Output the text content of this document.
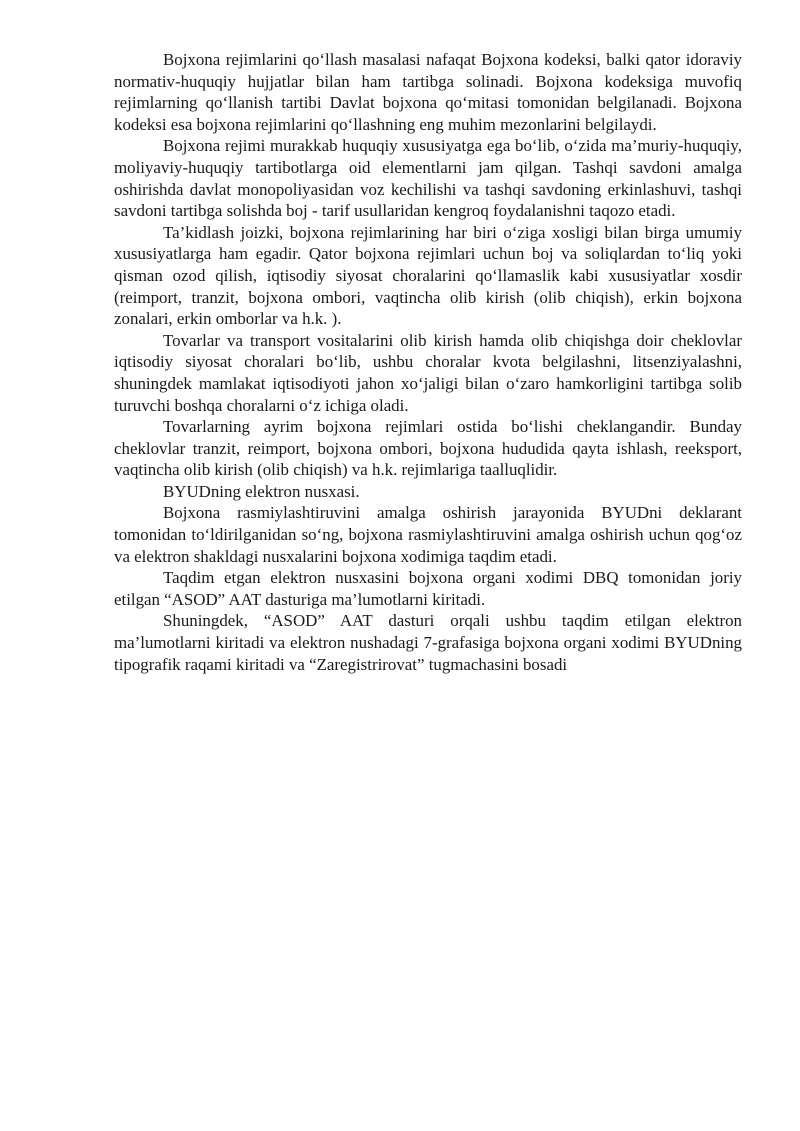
Bojxona rejimlarini qo‘llash masalasi nafaqat Bojxona kodeksi, balki qator idoraviy normativ-huquqiy hujjatlar bilan ham tartibga solinadi. Bojxona kodeksiga muvofiq rejimlarning qo‘llanish tartibi Davlat bojxona qo‘mitasi tomonidan belgilanadi. Bojxona kodeksi esa bojxona rejimlarini qo‘llashning eng muhim mezonlarini belgilaydi.

Bojxona rejimi murakkab huquqiy xususiyatga ega bo‘lib, o‘zida ma’muriy-huquqiy, moliyaviy-huquqiy tartibotlarga oid elementlarni jam qilgan. Tashqi savdoni amalga oshirishda davlat monopoliyasidan voz kechilishi va tashqi savdoning erkinlashuvi, tashqi savdoni tartibga solishda boj - tarif usullaridan kengroq foydalanishni taqozo etadi.

Ta’kidlash joizki, bojxona rejimlarining har biri o‘ziga xosligi bilan birga umumiy xususiyatlarga ham egadir. Qator bojxona rejimlari uchun boj va soliqlardan to‘liq yoki qisman ozod qilish, iqtisodiy siyosat choralarini qo‘llamaslik kabi xususiyatlar xosdir (reimport, tranzit, bojxona ombori, vaqtincha olib kirish (olib chiqish), erkin bojxona zonalari, erkin omborlar va h.k. ).

Tovarlar va transport vositalarini olib kirish hamda olib chiqishga doir cheklovlar iqtisodiy siyosat choralari bo‘lib, ushbu choralar kvota belgilashni, litsenziyalashni, shuningdek mamlakat iqtisodiyoti jahon xo‘jaligi bilan o‘zaro hamkorligini tartibga solib turuvchi boshqa choralarni o‘z ichiga oladi.

Tovarlarning ayrim bojxona rejimlari ostida bo‘lishi cheklangandir. Bunday cheklovlar tranzit, reimport, bojxona ombori, bojxona hududida qayta ishlash, reeksport, vaqtincha olib kirish (olib chiqish) va h.k. rejimlariga taalluqlidir.

BYUDning elektron nusxasi.

Bojxona rasmiylashtiruvini amalga oshirish jarayonida BYUDni deklarant tomonidan to‘ldirilganidan so‘ng, bojxona rasmiylashtiruvini amalga oshirish uchun qog‘oz va elektron shakldagi nusxalarini bojxona xodimiga taqdim etadi.

Taqdim etgan elektron nusxasini bojxona organi xodimi DBQ tomonidan joriy etilgan “ASOD” AAT dasturiga ma’lumotlarni kiritadi.

Shuningdek, “ASOD” AAT dasturi orqali ushbu taqdim etilgan elektron ma’lumotlarni kiritadi va elektron nushadagi 7-grafasiga bojxona organi xodimi BYUDning tipografik raqami kiritadi va “Zaregistrirovat” tugmachasini bosadi
